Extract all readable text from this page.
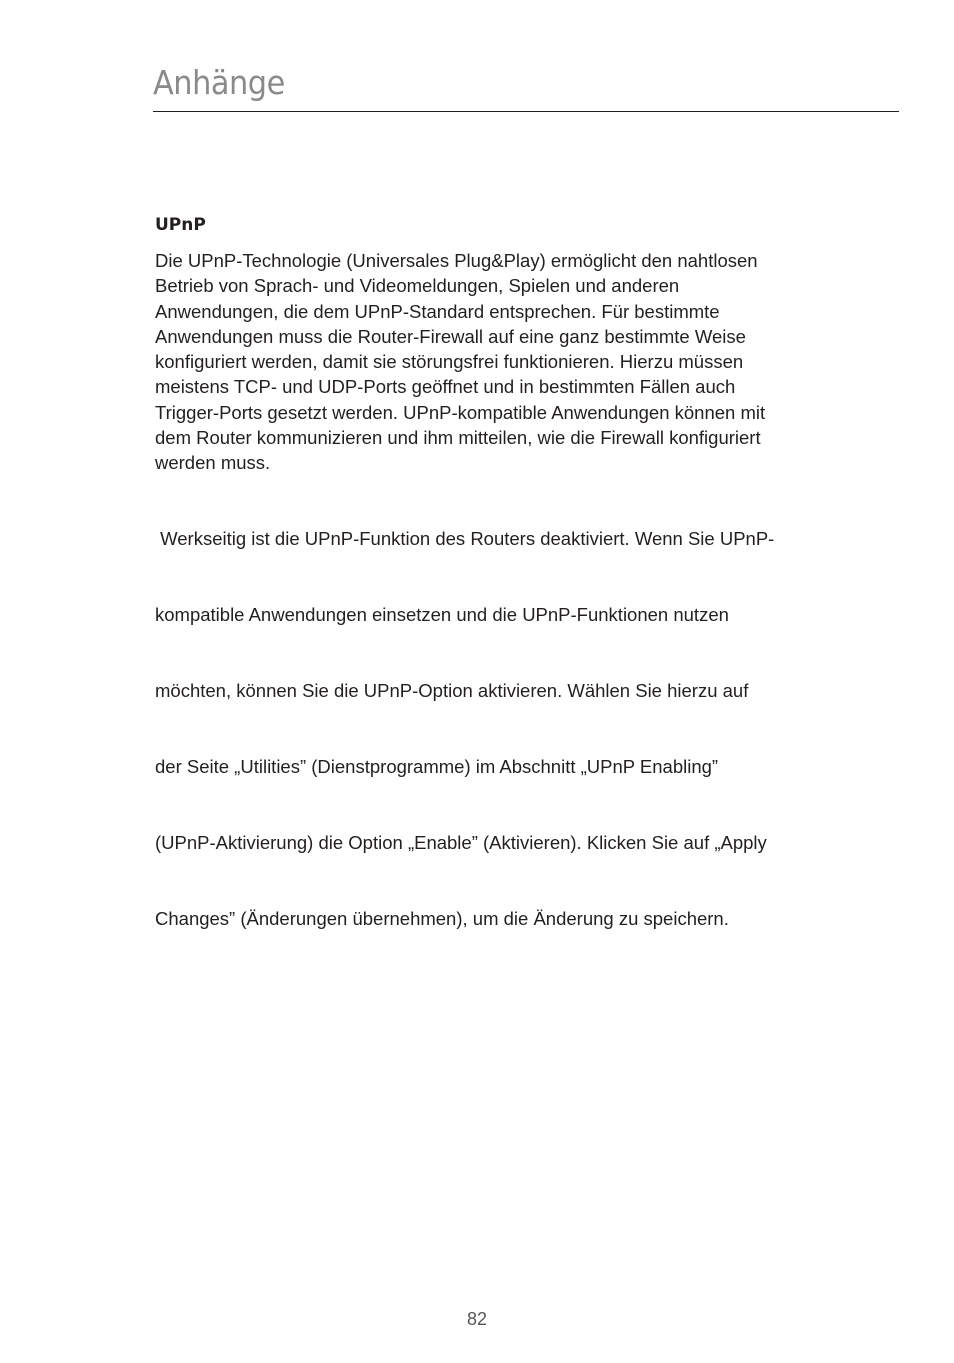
Anhänge
UPnP

Die UPnP-Technologie (Universales Plug&Play) ermöglicht den nahtlosen
Betrieb von Sprach- und Videomeldungen, Spielen und anderen
Anwendungen, die dem UPnP-Standard entsprechen. Für bestimmte
Anwendungen muss die Router-Firewall auf eine ganz bestimmte Weise
konfiguriert werden, damit sie störungsfrei funktionieren. Hierzu müssen
meistens TCP- und UDP-Ports geöffnet und in bestimmten Fällen auch
Trigger-Ports gesetzt werden. UPnP-kompatible Anwendungen können mit
dem Router kommunizieren und ihm mitteilen, wie die Firewall konfiguriert
werden muss.

Werkseitig ist die UPnP-Funktion des Routers deaktiviert. Wenn Sie UPnP-

kompatible Anwendungen einsetzen und die UPnP-Funktionen nutzen

möchten, können Sie die UPnP-Option aktivieren. Wählen Sie hierzu auf

der Seite „Utilities” (Dienstprogramme) im Abschnitt „UPnP Enabling”

(UPnP-Aktivierung) die Option „Enable” (Aktivieren). Klicken Sie auf „Apply

Changes” (Änderungen übernehmen), um die Änderung zu speichern.

82
